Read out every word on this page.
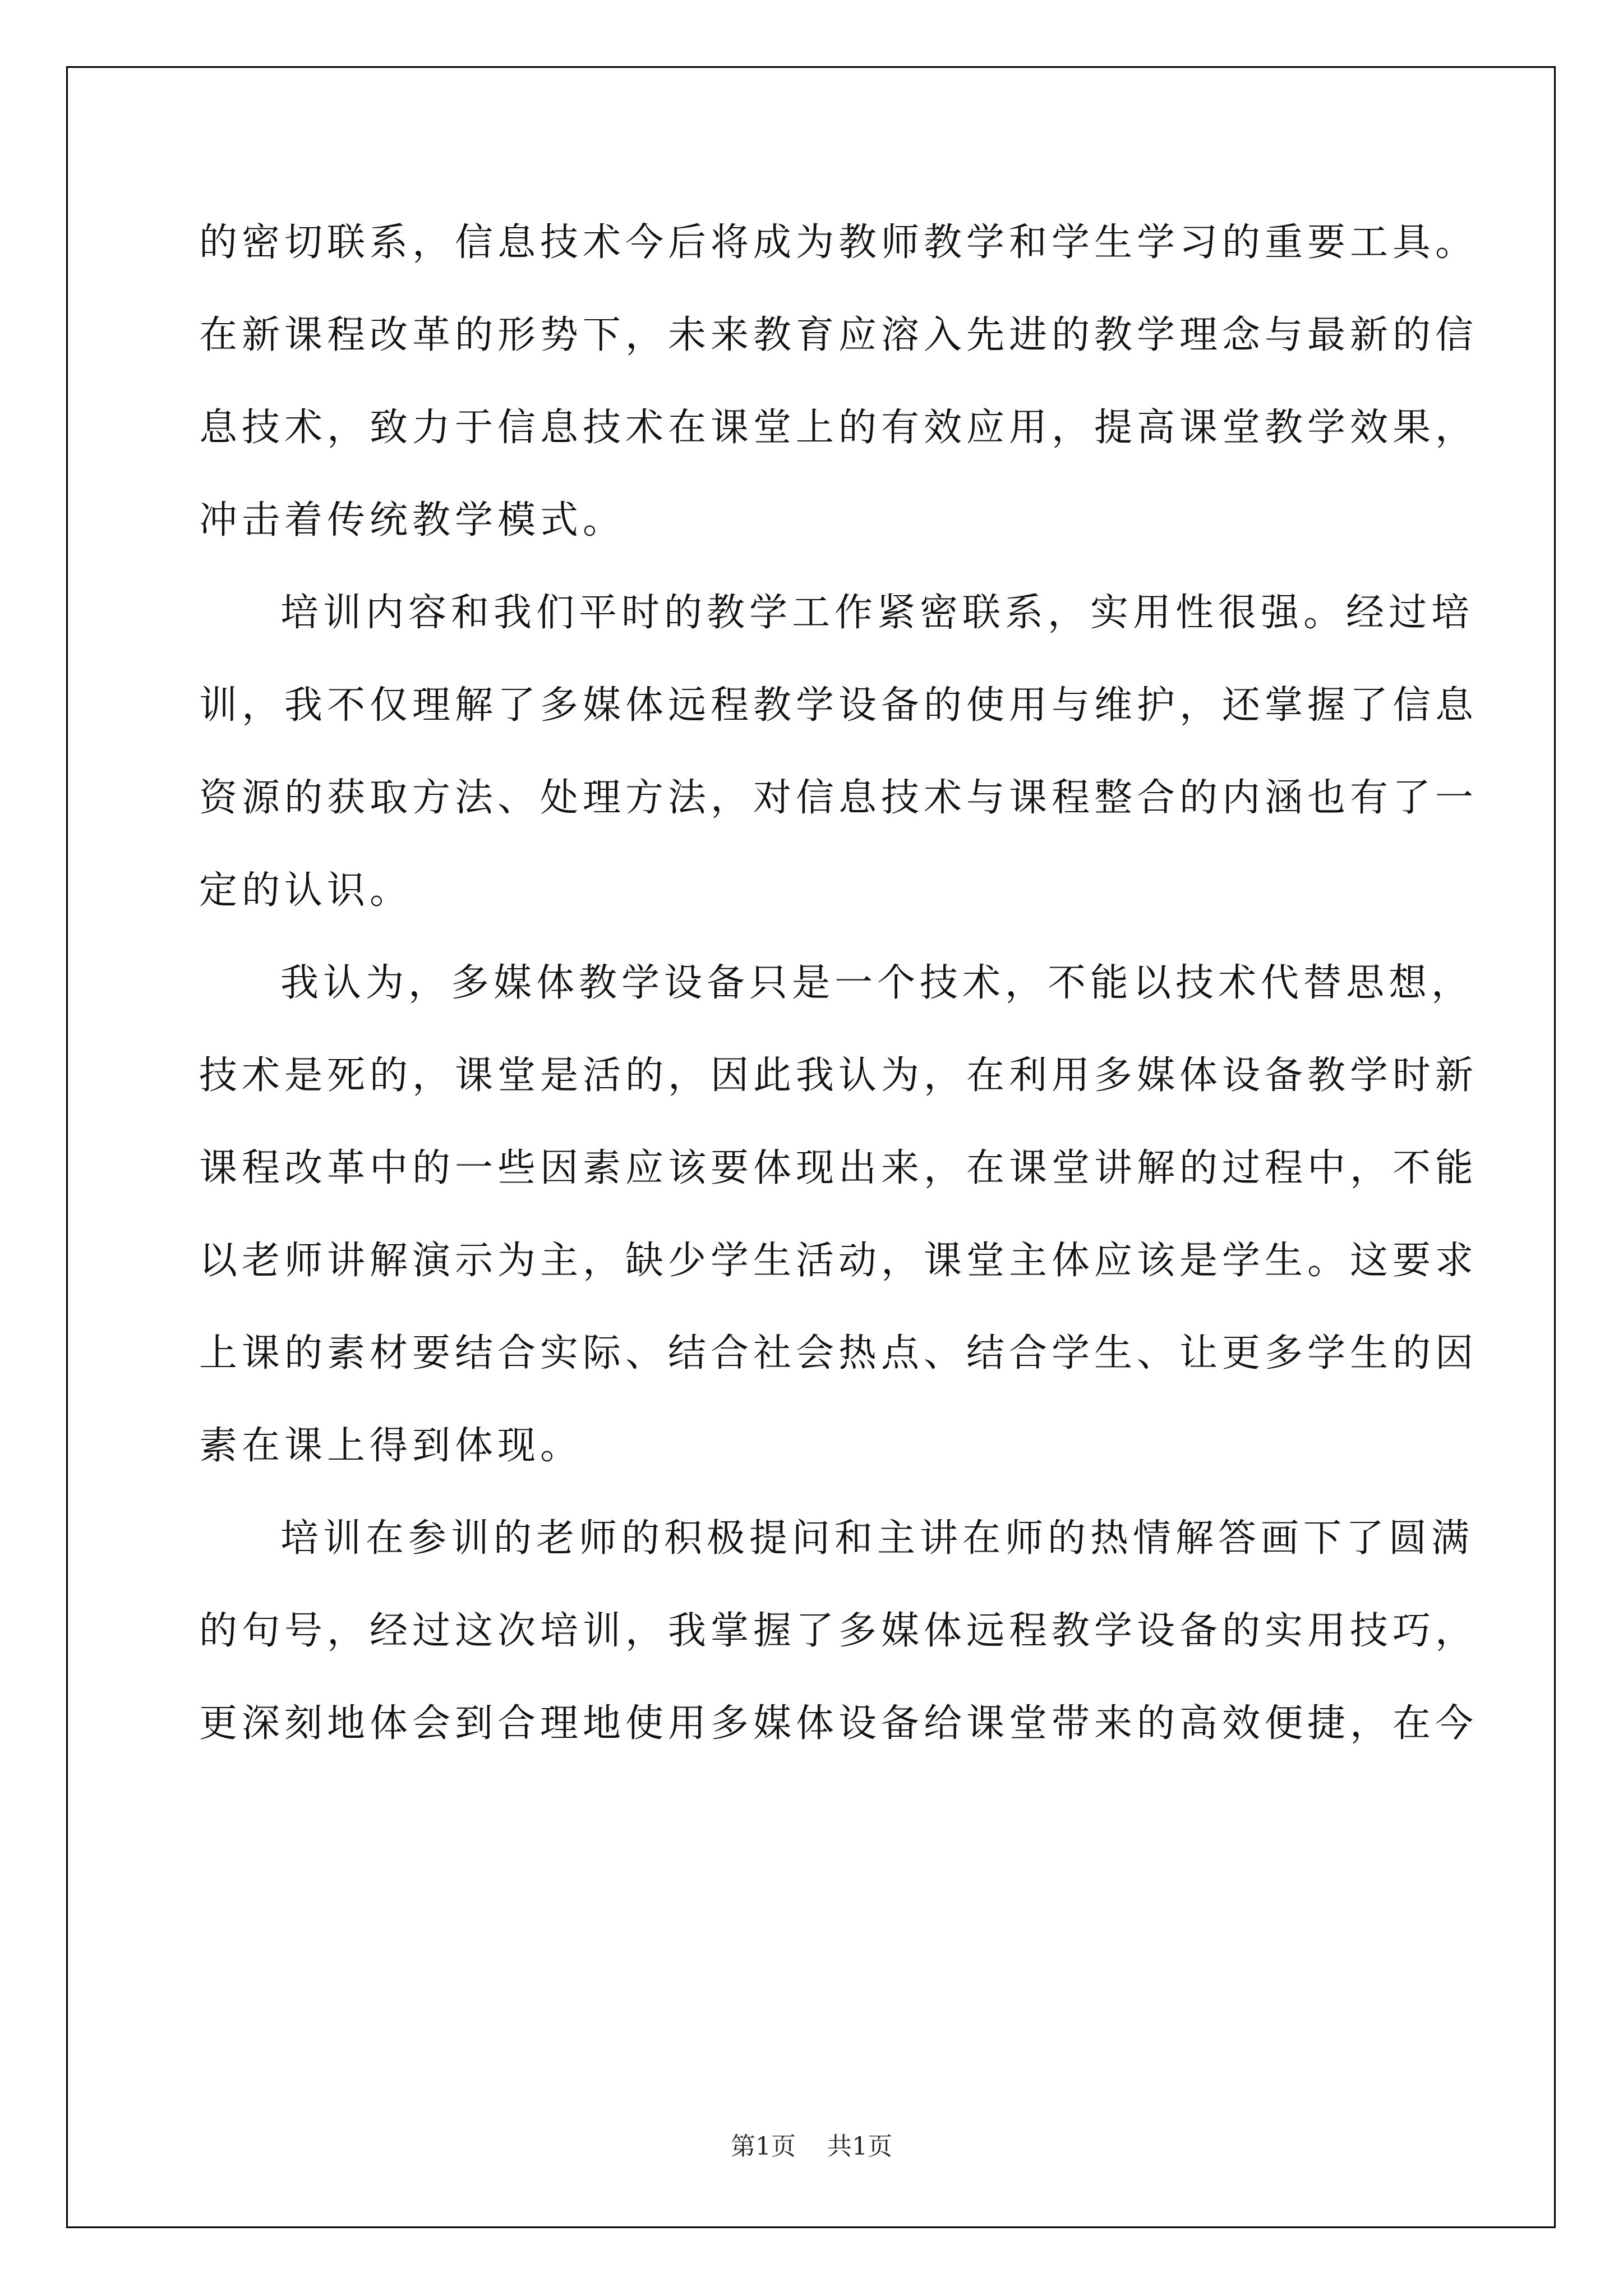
的密切联系，信息技术今后将成为教师教学和学生学习的重要工具。
在新课程改革的形势下，未来教育应溶入先进的教学理念与最新的信
息技术，致力于信息技术在课堂上的有效应用，提高课堂教学效果，
冲击着传统教学模式。
培训内容和我们平时的教学工作紧密联系，实用性很强。经过培
训，我不仅理解了多媒体远程教学设备的使用与维护，还掌握了信息
资源的获取方法、处理方法，对信息技术与课程整合的内涵也有了一
定的认识。
我认为，多媒体教学设备只是一个技术，不能以技术代替思想，
技术是死的，课堂是活的，因此我认为，在利用多媒体设备教学时新
课程改革中的一些因素应该要体现出来，在课堂讲解的过程中，不能
以老师讲解演示为主，缺少学生活动，课堂主体应该是学生。这要求
上课的素材要结合实际、结合社会热点、结合学生、让更多学生的因
素在课上得到体现。
培训在参训的老师的积极提问和主讲在师的热情解答画下了圆满
的句号，经过这次培训，我掌握了多媒体远程教学设备的实用技巧，
更深刻地体会到合理地使用多媒体设备给课堂带来的高效便捷，在今
第1页 共1页
